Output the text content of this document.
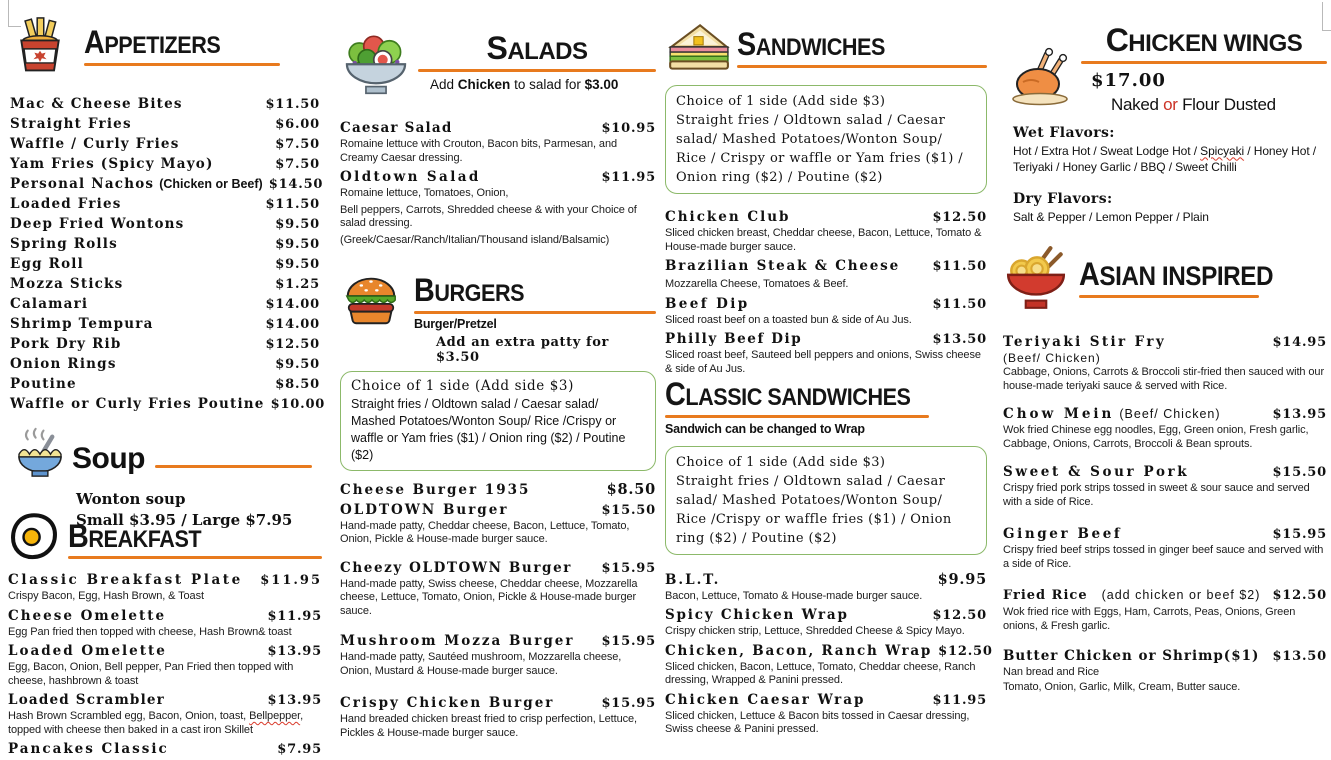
APPETIZERS
Mac & Cheese Bites	$11.50
Straight Fries	$6.00
Waffle / Curly Fries	$7.50
Yam Fries (Spicy Mayo)	$7.50
Personal Nachos (Chicken or Beef) $14.50
Loaded Fries	$11.50
Deep Fried Wontons	$9.50
Spring Rolls	$9.50
Egg Roll	$9.50
Mozza Sticks	$1.25
Calamari	$14.00
Shrimp Tempura	$14.00
Pork Dry Rib	$12.50
Onion Rings	$9.50
Poutine	$8.50
Waffle or Curly Fries Poutine $10.00
Soup
Wonton soup
Small $3.95 / Large $7.95
BREAKFAST
Classic Breakfast Plate	$11.95
Crispy Bacon, Egg, Hash Brown, & Toast
Cheese Omelette	$11.95
Egg Pan fried then topped with cheese, Hash Brown& toast
Loaded Omelette	$13.95
Egg, Bacon, Onion, Bell pepper, Pan Fried then topped with cheese, hashbrown & toast
Loaded Scrambler	$13.95
Hash Brown Scrambled egg, Bacon, Onion, toast, Bellpepper, topped with cheese then baked in a cast iron Skillet
Pancakes Classic	$7.95
SALADS
Add Chicken to salad for $3.00
Caesar Salad	$10.95
Romaine lettuce with Crouton, Bacon bits, Parmesan, and Creamy Caesar dressing.
Oldtown Salad	$11.95
Romaine lettuce, Tomatoes, Onion,
Bell peppers, Carrots, Shredded cheese & with your Choice of salad dressing.
(Greek/Caesar/Ranch/Italian/Thousand island/Balsamic)
BURGERS
Burger/Pretzel
Add an extra patty for $3.50
Choice of 1 side (Add side $3)
Straight fries / Oldtown salad / Caesar salad/ Mashed Potatoes/Wonton Soup/ Rice /Crispy or waffle or Yam fries ($1) / Onion ring ($2) / Poutine ($2)
Cheese Burger 1935	$8.50
OLDTOWN Burger	$15.50
Hand-made patty, Cheddar cheese, Bacon, Lettuce, Tomato, Onion, Pickle & House-made burger sauce.
Cheezy OLDTOWN Burger	$15.95
Hand-made patty, Swiss cheese, Cheddar cheese, Mozzarella cheese, Lettuce, Tomato, Onion, Pickle & House-made burger sauce.
Mushroom Mozza Burger	$15.95
Hand-made patty, Sautéed mushroom, Mozzarella cheese, Onion, Mustard & House-made burger sauce.
Crispy Chicken Burger	$15.95
Hand breaded chicken breast fried to crisp perfection, Lettuce, Pickles & House-made burger sauce.
SANDWICHES
Choice of 1 side (Add side $3)
Straight fries / Oldtown salad / Caesar salad/ Mashed Potatoes/Wonton Soup/ Rice / Crispy or waffle or Yam fries ($1) / Onion ring ($2) / Poutine ($2)
Chicken Club	$12.50
Sliced chicken breast, Cheddar cheese, Bacon, Lettuce, Tomato & House-made burger sauce.
Brazilian Steak & Cheese	$11.50
Mozzarella Cheese, Tomatoes & Beef.
Beef Dip	$11.50
Sliced roast beef on a toasted bun & side of Au Jus.
Philly Beef Dip	$13.50
Sliced roast beef, Sauteed bell peppers and onions, Swiss cheese & side of Au Jus.
CLASSIC SANDWICHES
Sandwich can be changed to Wrap
Choice of 1 side (Add side $3)
Straight fries / Oldtown salad / Caesar salad/ Mashed Potatoes/Wonton Soup/ Rice /Crispy or waffle fries ($1) / Onion ring ($2) / Poutine ($2)
B.L.T.	$9.95
Bacon, Lettuce, Tomato & House-made burger sauce.
Spicy Chicken Wrap	$12.50
Crispy chicken strip, Lettuce, Shredded Cheese & Spicy Mayo.
Chicken, Bacon, Ranch Wrap $12.50
Sliced chicken, Bacon, Lettuce, Tomato, Cheddar cheese, Ranch dressing, Wrapped & Panini pressed.
Chicken Caesar Wrap	$11.95
Sliced chicken, Lettuce & Bacon bits tossed in Caesar dressing, Swiss cheese & Panini pressed.
CHICKEN WINGS
$17.00
Naked or Flour Dusted
Wet Flavors:
Hot / Extra Hot / Sweat Lodge Hot / Spicyaki / Honey Hot / Teriyaki / Honey Garlic / BBQ / Sweet Chilli
Dry Flavors:
Salt & Pepper / Lemon Pepper / Plain
ASIAN INSPIRED
Teriyaki Stir Fry	$14.95
(Beef/ Chicken)
Cabbage, Onions, Carrots & Broccoli stir-fried then sauced with our house-made teriyaki sauce & served with Rice.
Chow Mein (Beef/ Chicken)	$13.95
Wok fried Chinese egg noodles, Egg, Green onion, Fresh garlic, Cabbage, Onions, Carrots, Broccoli & Bean sprouts.
Sweet & Sour Pork	$15.50
Crispy fried pork strips tossed in sweet & sour sauce and served with a side of Rice.
Ginger Beef	$15.95
Crispy fried beef strips tossed in ginger beef sauce and served with a side of Rice.
Fried Rice (add chicken or beef $2) $12.50
Wok fried rice with Eggs, Ham, Carrots, Peas, Onions, Green onions, & Fresh garlic.
Butter Chicken or Shrimp($1)	$13.50
Nan bread and Rice
Tomato, Onion, Garlic, Milk, Cream, Butter sauce.
